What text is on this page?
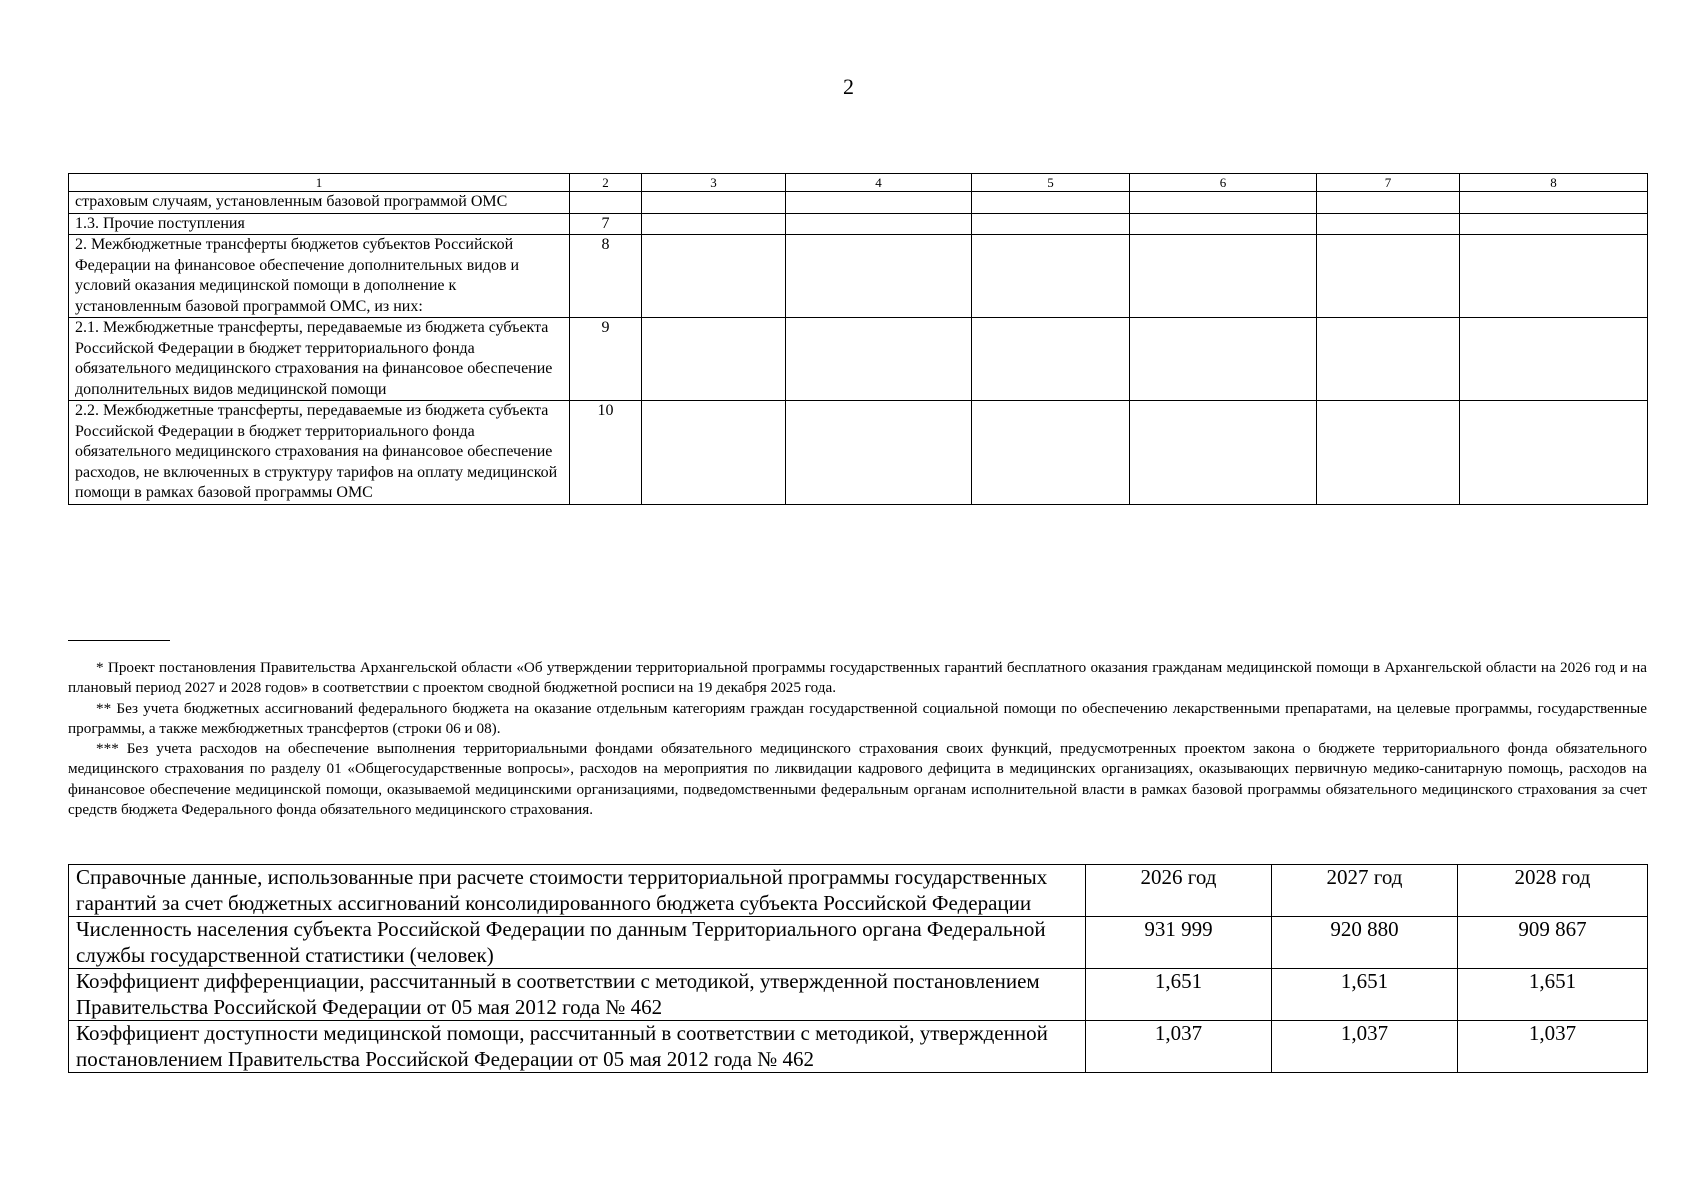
2
1	2	3	4	5	6	7	8
страховым случаям, установленным базовой программой ОМС							
1.3. Прочие поступления	7						
2. Межбюджетные трансферты бюджетов субъектов Российской Федерации на финансовое обеспечение дополнительных видов и условий оказания медицинской помощи в дополнение к установленным базовой программой ОМС, из них:	8						
2.1. Межбюджетные трансферты, передаваемые из бюджета субъекта Российской Федерации в бюджет территориального фонда обязательного медицинского страхования на финансовое обеспечение дополнительных видов медицинской помощи	9						
2.2. Межбюджетные трансферты, передаваемые из бюджета субъекта Российской Федерации в бюджет территориального фонда обязательного медицинского страхования на финансовое обеспечение расходов, не включенных в структуру тарифов на оплату медицинской помощи в рамках базовой программы ОМС	10						

* Проект постановления Правительства Архангельской области «Об утверждении территориальной программы государственных гарантий бесплатного оказания гражданам медицинской помощи в Архангельской области на 2026 год и на плановый период 2027 и 2028 годов» в соответствии с проектом сводной бюджетной росписи на 19 декабря 2025 года.

** Без учета бюджетных ассигнований федерального бюджета на оказание отдельным категориям граждан государственной социальной помощи по обеспечению лекарственными препаратами, на целевые программы, государственные программы, а также межбюджетных трансфертов (строки 06 и 08).

*** Без учета расходов на обеспечение выполнения территориальными фондами обязательного медицинского страхования своих функций, предусмотренных проектом закона о бюджете территориального фонда обязательного медицинского страхования по разделу 01 «Общегосударственные вопросы», расходов на мероприятия по ликвидации кадрового дефицита в медицинских организациях, оказывающих первичную медико-санитарную помощь, расходов на финансовое обеспечение медицинской помощи, оказываемой медицинскими организациями, подведомственными федеральным органам исполнительной власти в рамках базовой программы обязательного медицинского страхования за счет средств бюджета Федерального фонда обязательного медицинского страхования.

Справочные данные, использованные при расчете стоимости территориальной программы государственных гарантий за счет бюджетных ассигнований консолидированного бюджета субъекта Российской Федерации	2026 год	2027 год	2028 год
Численность населения субъекта Российской Федерации по данным Территориального органа Федеральной службы государственной статистики (человек)	931 999	920 880	909 867
Коэффициент дифференциации, рассчитанный в соответствии с методикой, утвержденной постановлением Правительства Российской Федерации от 05 мая 2012 года № 462	1,651	1,651	1,651
Коэффициент доступности медицинской помощи, рассчитанный в соответствии с методикой, утвержденной постановлением Правительства Российской Федерации от 05 мая 2012 года № 462	1,037	1,037	1,037
